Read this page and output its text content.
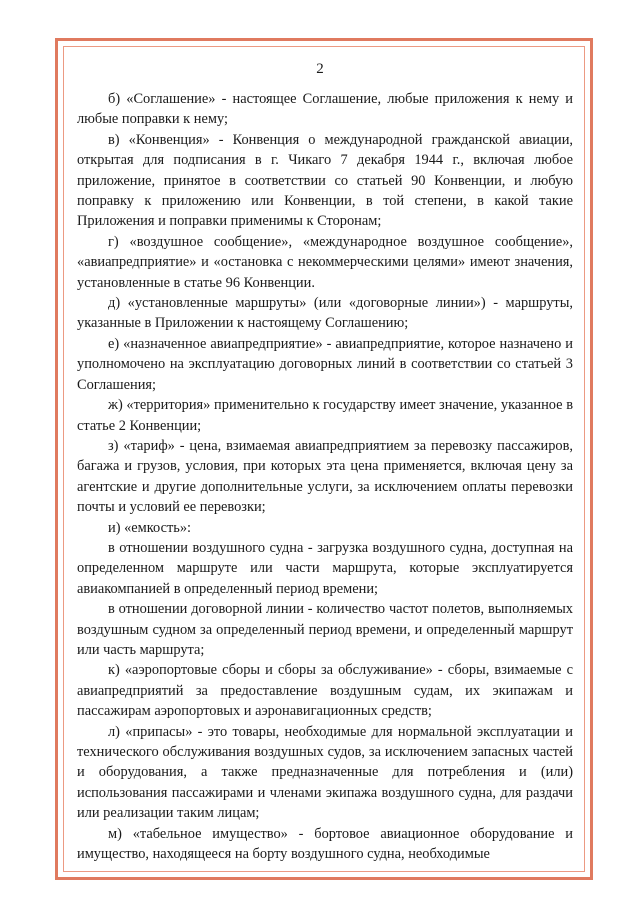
2

б) «Соглашение» - настоящее Соглашение, любые приложения к нему и любые поправки к нему;

в) «Конвенция» - Конвенция о международной гражданской авиации, открытая для подписания в г. Чикаго 7 декабря 1944 г., включая любое приложение, принятое в соответствии со статьей 90 Конвенции, и любую поправку к приложению или Конвенции, в той степени, в какой такие Приложения и поправки применимы к Сторонам;

г) «воздушное сообщение», «международное воздушное сообщение», «авиапредприятие» и «остановка с некоммерческими целями» имеют значения, установленные в статье 96 Конвенции.

д) «установленные маршруты» (или «договорные линии») - маршруты, указанные в Приложении к настоящему Соглашению;

е) «назначенное авиапредприятие» - авиапредприятие, которое назначено и уполномочено на эксплуатацию договорных линий в соответствии со статьей 3 Соглашения;

ж) «территория» применительно к государству имеет значение, указанное в статье 2 Конвенции;

з) «тариф» - цена, взимаемая авиапредприятием за перевозку пассажиров, багажа и грузов, условия, при которых эта цена применяется, включая цену за агентские и другие дополнительные услуги, за исключением оплаты перевозки почты и условий ее перевозки;

и) «емкость»:

в отношении воздушного судна - загрузка воздушного судна, доступная на определенном маршруте или части маршрута, которые эксплуатируется авиакомпанией в определенный период времени;

в отношении договорной линии - количество частот полетов, выполняемых воздушным судном за определенный период времени, и определенный маршрут или часть маршрута;

к) «аэропортовые сборы и сборы за обслуживание» - сборы, взимаемые с авиапредприятий за предоставление воздушным судам, их экипажам и пассажирам аэропортовых и аэронавигационных средств;

л) «припасы» - это товары, необходимые для нормальной эксплуатации и технического обслуживания воздушных судов, за исключением запасных частей и оборудования, а также предназначенные для потребления и (или) использования пассажирами и членами экипажа воздушного судна, для раздачи или реализации таким лицам;

м) «табельное имущество» - бортовое авиационное оборудование и имущество, находящееся на борту воздушного судна, необходимые
